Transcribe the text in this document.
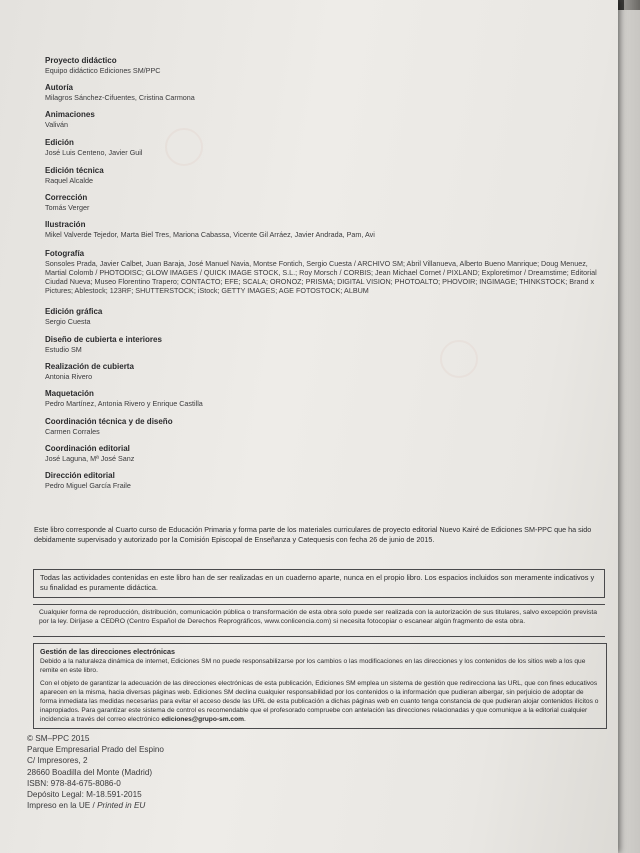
Proyecto didáctico

Equipo didáctico Ediciones SM/PPC

Autoría

Milagros Sánchez-Cifuentes, Cristina Carmona

Animaciones

Valiván

Edición

José Luis Centeno, Javier Guil

Edición técnica

Raquel Alcalde

Corrección

Tomás Verger

Ilustración

Mikel Valverde Tejedor, Marta Biel Tres, Mariona Cabassa, Vicente Gil Arráez, Javier Andrada, Pam, Avi

Fotografía

Sonsoles Prada, Javier Calbet, Juan Baraja, José Manuel Navia, Montse Fontich, Sergio Cuesta / ARCHIVO SM; Abril Villanueva, Alberto Bueno Manrique; Doug Menuez, Martial Colomb / PHOTODISC; GLOW IMAGES / QUICK IMAGE STOCK, S.L.; Roy Morsch / CORBIS; Jean Michael Cornet / PIXLAND; Exploretimor / Dreamstime; Editorial Ciudad Nueva; Museo Florentino Trapero; CONTACTO; EFE; SCALA; ORONOZ; PRISMA; DIGITAL VISION; PHOTOALTO; PHOVOIR; INGIMAGE; THINKSTOCK; Brand x Pictures; Ablestock; 123RF; SHUTTERSTOCK; iStock; GETTY IMAGES; AGE FOTOSTOCK; ALBUM

Edición gráfica

Sergio Cuesta

Diseño de cubierta e interiores

Estudio SM

Realización de cubierta

Antonia Rivero

Maquetación

Pedro Martínez, Antonia Rivero y Enrique Castilla

Coordinación técnica y de diseño

Carmen Corrales

Coordinación editorial

José Laguna, Mª José Sanz

Dirección editorial

Pedro Miguel García Fraile

Este libro corresponde al Cuarto curso de Educación Primaria y forma parte de los materiales curriculares de proyecto editorial Nuevo Kairé de Ediciones SM-PPC que ha sido debidamente supervisado y autorizado por la Comisión Episcopal de Enseñanza y Catequesis con fecha 26 de junio de 2015.

Todas las actividades contenidas en este libro han de ser realizadas en un cuaderno aparte, nunca en el propio libro. Los espacios incluidos son meramente indicativos y su finalidad es puramente didáctica.

Cualquier forma de reproducción, distribución, comunicación pública o transformación de esta obra solo puede ser realizada con la autorización de sus titulares, salvo excepción prevista por la ley. Diríjase a CEDRO (Centro Español de Derechos Reprográficos, www.conlicencia.com) si necesita fotocopiar o escanear algún fragmento de esta obra.

Gestión de las direcciones electrónicas

Debido a la naturaleza dinámica de internet, Ediciones SM no puede responsabilizarse por los cambios o las modificaciones en las direcciones y los contenidos de los sitios web a los que remite en este libro.

Con el objeto de garantizar la adecuación de las direcciones electrónicas de esta publicación, Ediciones SM emplea un sistema de gestión que redirecciona las URL, que con fines educativos aparecen en la misma, hacia diversas páginas web. Ediciones SM declina cualquier responsabilidad por los contenidos o la información que pudieran albergar, sin perjuicio de adoptar de forma inmediata las medidas necesarias para evitar el acceso desde las URL de esta publicación a dichas páginas web en cuanto tenga constancia de que pudieran alojar contenidos ilícitos o inapropiados. Para garantizar este sistema de control es recomendable que el profesorado compruebe con antelación las direcciones relacionadas y que comunique a la editorial cualquier incidencia a través del correo electrónico ediciones@grupo-sm.com.

© SM–PPC 2015
Parque Empresarial Prado del Espino
C/ Impresores, 2
28660 Boadilla del Monte (Madrid)
ISBN: 978-84-675-8086-0
Depósito Legal: M-18.591-2015
Impreso en la UE / Printed in EU
